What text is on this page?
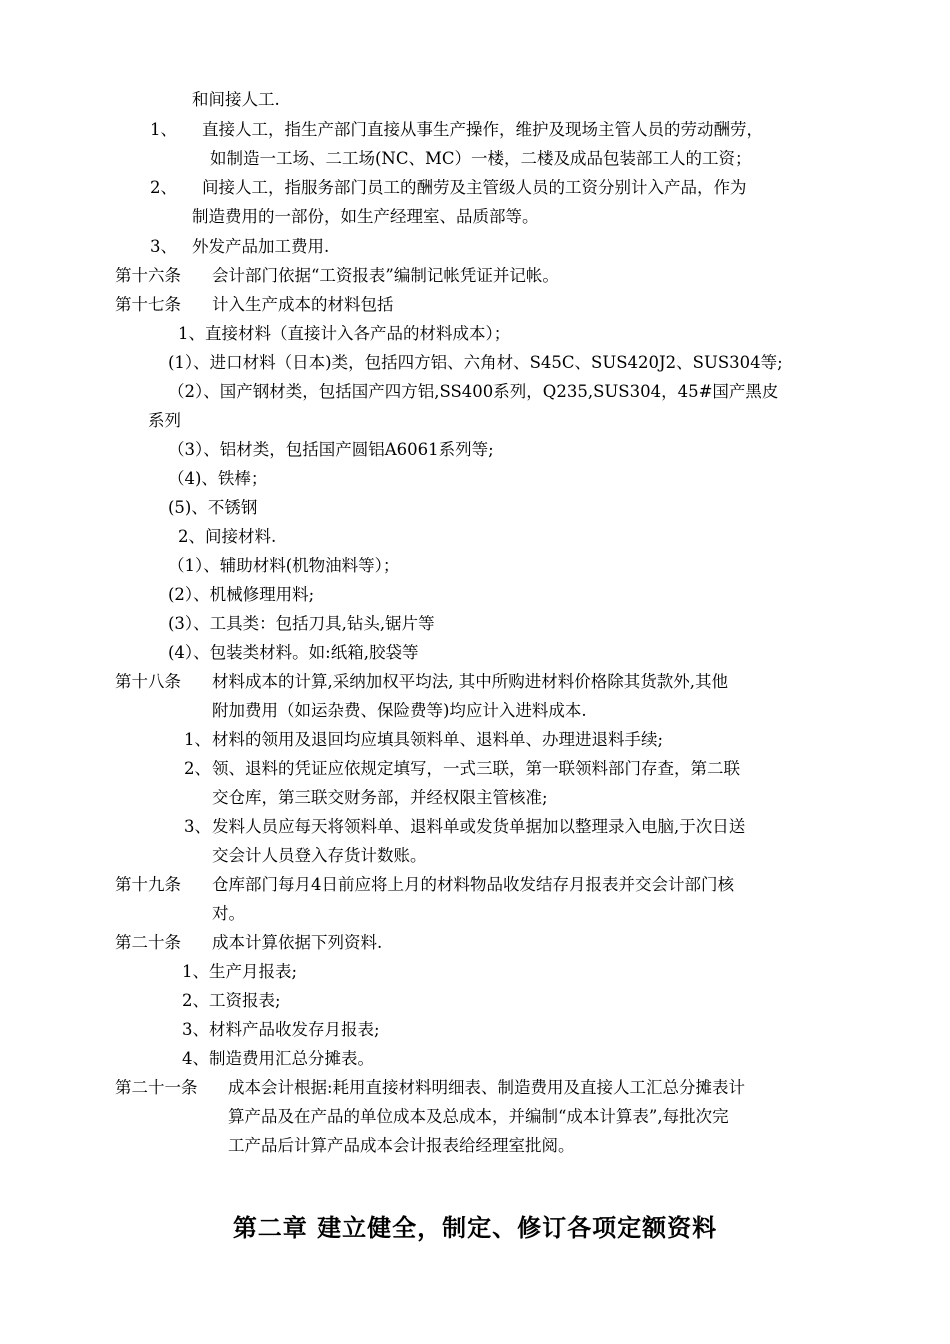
和间接人工.
1、 直接人工，指生产部门直接从事生产操作，维护及现场主管人员的劳动酬劳，
如制造一工场、二工场(NC、MC）一楼，二楼及成品包装部工人的工资；
2、 间接人工，指服务部门员工的酬劳及主管级人员的工资分别计入产品，作为
制造费用的一部份，如生产经理室、品质部等。
3、 外发产品加工费用.
第十六条 会计部门依据“工资报表”编制记帐凭证并记帐。
第十七条 计入生产成本的材料包括
1、直接材料（直接计入各产品的材料成本）；
(1）、进口材料（日本)类，包括四方铝、六角材、S45C、SUS420J2、SUS304等;
（2）、国产钢材类，包括国产四方铝,SS400系列，Q235,SUS304，45#国产黑皮
系列
（3）、铝材类，包括国产圆铝A6061系列等;
（4)、铁棒；
(5)、不锈钢
2、间接材料.
（1）、辅助材料(机物油料等）；
(2）、机械修理用料;
(3）、工具类：包括刀具,钻头,锯片等
(4）、包装类材料。如:纸箱,胶袋等
第十八条 材料成本的计算,采纳加权平均法, 其中所购进材料价格除其货款外,其他
附加费用（如运杂费、保险费等)均应计入进料成本.
1、 材料的领用及退回均应填具领料单、退料单、办理进退料手续;
2、 领、退料的凭证应依规定填写，一式三联，第一联领料部门存查，第二联
交仓库，第三联交财务部，并经权限主管核准;
3、 发料人员应每天将领料单、退料单或发货单据加以整理录入电脑,于次日送
交会计人员登入存货计数账。
第十九条 仓库部门每月4日前应将上月的材料物品收发结存月报表并交会计部门核
对。
第二十条 成本计算依据下列资料.
1、生产月报表;
2、工资报表;
3、材料产品收发存月报表;
4、制造费用汇总分摊表。
第二十一条 成本会计根据:耗用直接材料明细表、制造费用及直接人工汇总分摊表计
算产品及在产品的单位成本及总成本，并编制“成本计算表”,每批次完
工产品后计算产品成本会计报表给经理室批阅。
第二章 建立健全，制定、修订各项定额资料
